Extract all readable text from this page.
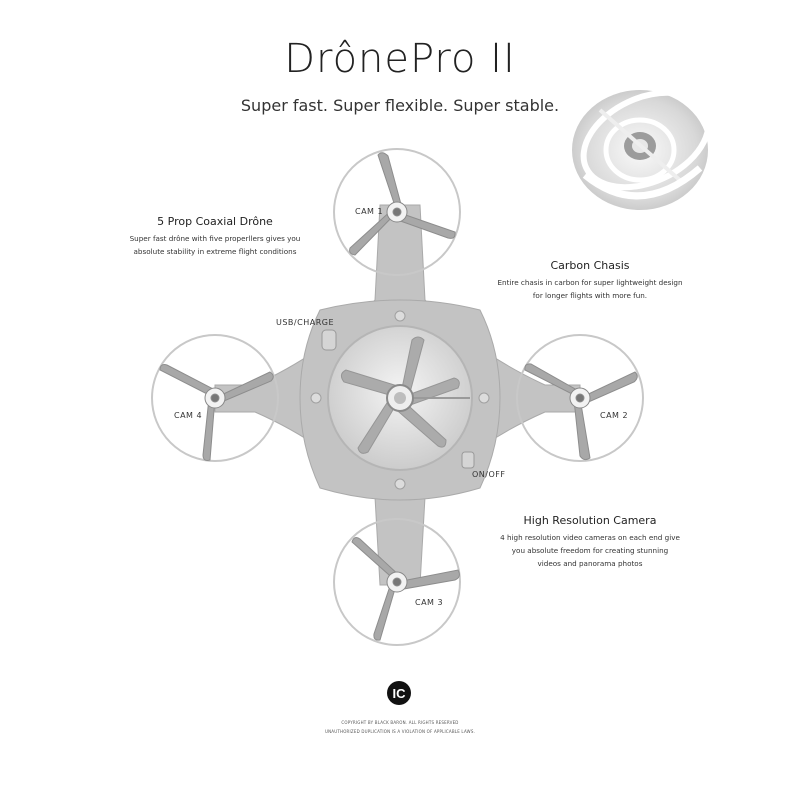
IC
DrônePro II
Super fast. Super flexible. Super stable.
5 Prop Coaxial Drône
Super fast drône with five properllers gives you
absolute stability in extreme flight conditions
Carbon Chasis
Entire chasis in carbon for super lightweight design
for longer flights with more fun.
High Resolution Camera
4 high resolution video cameras on each end give
you absolute freedom for creating stunning
videos and panorama photos
CAM 1
CAM 2
CAM 3
CAM 4
USB/CHARGE
ON/OFF
COPYRIGHT BY BLACK BARON. ALL RIGHTS RESERVED
UNAUTHORIZED DUPLICATION IS A VIOLATION OF APPLICABLE LAWS.
